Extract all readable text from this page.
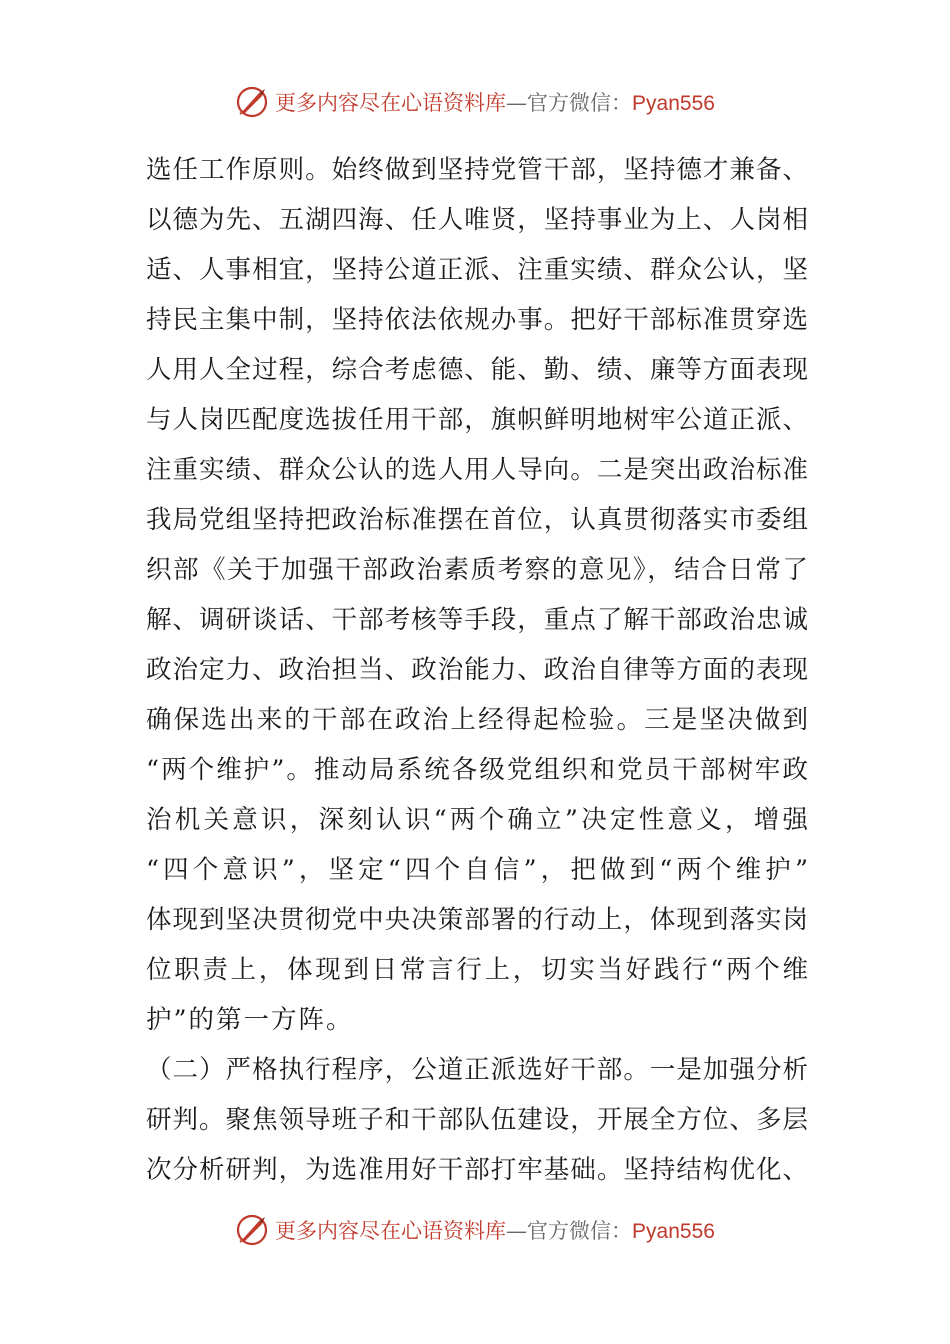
更多内容尽在心语资料库—官方微信：Pyan556
选任工作原则。始终做到坚持党管干部，坚持德才兼备、
以德为先、五湖四海、任人唯贤，坚持事业为上、人岗相
适、人事相宜，坚持公道正派、注重实绩、群众公认，坚
持民主集中制，坚持依法依规办事。把好干部标准贯穿选
人用人全过程，综合考虑德、能、勤、绩、廉等方面表现
与人岗匹配度选拔任用干部，旗帜鲜明地树牢公道正派、
注重实绩、群众公认的选人用人导向。二是突出政治标准
我局党组坚持把政治标准摆在首位，认真贯彻落实市委组
织部《关于加强干部政治素质考察的意见》，结合日常了
解、调研谈话、干部考核等手段，重点了解干部政治忠诚
政治定力、政治担当、政治能力、政治自律等方面的表现
确保选出来的干部在政治上经得起检验。三是坚决做到
“两个维护”。推动局系统各级党组织和党员干部树牢政
治机关意识，深刻认识“两个确立”决定性意义，增强
“四个意识”，坚定“四个自信”，把做到“两个维护”
体现到坚决贯彻党中央决策部署的行动上，体现到落实岗
位职责上，体现到日常言行上，切实当好践行“两个维
护”的第一方阵。
（二）严格执行程序，公道正派选好干部。一是加强分析
研判。聚焦领导班子和干部队伍建设，开展全方位、多层
次分析研判，为选准用好干部打牢基础。坚持结构优化、
更多内容尽在心语资料库—官方微信：Pyan556
